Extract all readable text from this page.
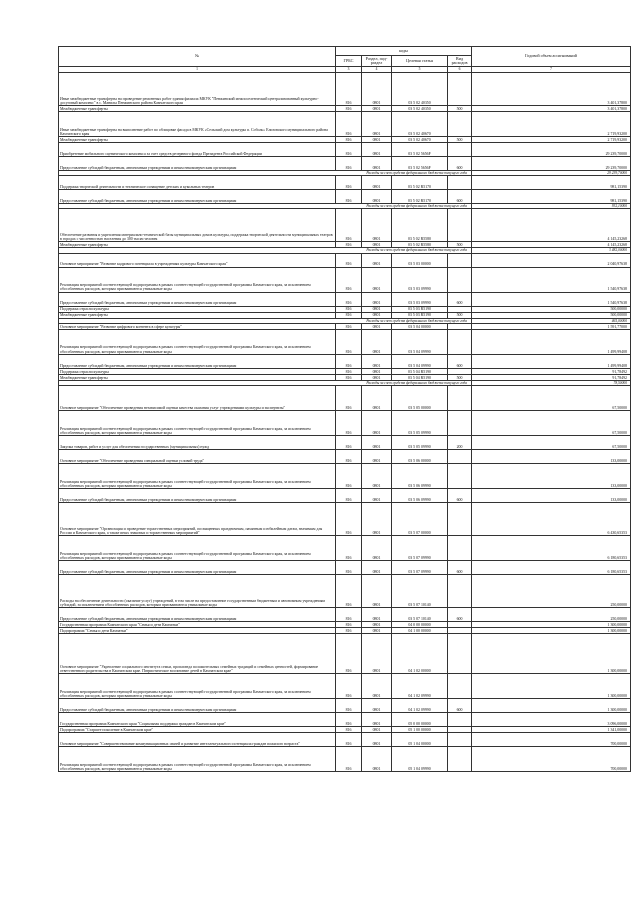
№	коды				Годовой объем ассигнований
	ГРБС	Раздел, под- раздел	Целевая статья	Вид расходов	
1	3	4	5	6	7
Иные межбюджетные трансферты на проведение ремонтных работ здания филиала МКУК "Пенжинский межпоселенческий централизованный культурно-досуговый комплекс" в с. Манилы Пенжинского района Камчатского края	816	0801	03 5 02 40350		3 401,37800
Межбюджетные трансферты	816	0801	03 5 02 40350	500	3 401,37800
Иные межбюджетные трансферты на выполнение работ по облицовке фасада в МКУК «Сельский дом культуры п. Соболь» Елизовского муниципального района Камчатского края	816	0801	03 5 02 40670		2 719,93200
Межбюджетные трансферты	816	0801	03 5 02 40670	500	2 719,93200
Приобретение мобильного сценического комплекса за счет средств резервного фонда Президента Российской Федерации	816	0801	03 5 02 5656F		29 239,70000
Предоставление субсидий бюджетным, автономным учреждениям и иным некоммерческим организациям	816	0801	03 5 02 5656F	600	29 239,70000
Расходы за счет средств федерального бюджета текущего года					29 239,70000
Поддержка творческой деятельности и техническое оснащение детских и кукольных театров	816	0801	03 5 02 R5170		981,15390
Предоставление субсидий бюджетным, автономным учреждениям и иным некоммерческим организациям	816	0801	03 5 02 R5170	600	981,15390
Расходы за счет средств федерального бюджета текущего года					932,10000
Обеспечение развития и укрепления материально-технической базы муниципальных домов культуры, поддержка творческой деятельности муниципальных театров в городах с численностью населения до 300 тысяч человек	816	0801	03 5 02 R5580		4 145,23268
Межбюджетные трансферты	816	0801	03 5 02 R5580	500	4 145,23268
Расходы за счет средств федерального бюджета текущего года					3 482,00000
Основное мероприятие "Развитие кадрового потенциала в учреждениях культуры Камчатского края"	816	0801	03 5 03 00000		2 040,97638
Реализация мероприятий соответствующей подпрограммы в рамках соответствующей государственной программы Камчатского края, за исключением обособленных расходов, которым присваиваются уникальные коды	816	0801	03 5 03 09990		1 540,97638
Предоставление субсидий бюджетным, автономным учреждениям и иным некоммерческим организациям	816	0801	03 5 03 09990	600	1 540,97638
Поддержка отрасли культуры	816	0801	03 5 03 R5190		500,00000
Межбюджетные трансферты	816	0801	03 5 03 R5190	500	500,00000
Расходы за счет средств федерального бюджета текущего года					465,00000
Основное мероприятие "Развитие цифрового контента в сфере культуры"	816	0801	03 5 04 00000		1 591,77000
Реализация мероприятий соответствующей подпрограммы в рамках соответствующей государственной программы Камчатского края, за исключением обособленных расходов, которым присваиваются уникальные коды	816	0801	03 5 04 09990		1 499,99408
Предоставление субсидий бюджетным, автономным учреждениям и иным некоммерческим организациям	816	0801	03 5 04 09990	600	1 499,99408
Поддержка отрасли культуры	816	0801	03 5 04 R5190		91,78492
Межбюджетные трансферты	816	0801	03 5 04 R5190	500	91,78492
Расходы за счет средств федерального бюджета текущего года					78,50000
Основное мероприятие "Обеспечение проведения независимой оценки качества оказания услуг учреждениями культуры и экспертизы"	816	0801	03 5 05 00000		67,50000
Реализация мероприятий соответствующей подпрограммы в рамках соответствующей государственной программы Камчатского края, за исключением обособленных расходов, которым присваиваются уникальные коды	816	0801	03 5 05 09990		67,50000
Закупка товаров, работ и услуг для обеспечения государственных (муниципальных) нужд	816	0801	03 5 05 09990	200	67,50000
Основное мероприятие "Обеспечение проведения специальной оценки условий труда"	816	0801	03 5 06 00000		133,00000
Реализация мероприятий соответствующей подпрограммы в рамках соответствующей государственной программы Камчатского края, за исключением обособленных расходов, которым присваиваются уникальные коды	816	0801	03 5 06 09990		133,00000
Предоставление субсидий бюджетным, автономным учреждениям и иным некоммерческим организациям	816	0801	03 5 06 09990	600	133,00000
Основное мероприятие "Организация и проведение торжественных мероприятий, посвященных праздничным, памятным и юбилейным датам, значимым для России и Камчатского края, а также иных знаковых и торжественных мероприятий"	816	0801	03 5 07 00000		6 430,65353
Реализация мероприятий соответствующей подпрограммы в рамках соответствующей государственной программы Камчатского края, за исключением обособленных расходов, которым присваиваются уникальные коды	816	0801	03 5 07 09990		6 180,65353
Предоставление субсидий бюджетным, автономным учреждениям и иным некоммерческим организациям	816	0801	03 5 07 09990	600	6 180,65353
Расходы на обеспечение деятельности (оказание услуг) учреждений, в том числе на предоставление государственным бюджетным и автономным учреждениям субсидий, за исключением обособленных расходов, которым присваиваются уникальные коды	816	0801	03 5 07 10140		250,00000
Предоставление субсидий бюджетным, автономным учреждениям и иным некоммерческим организациям	816	0801	03 5 07 10140	600	250,00000
Государственная программа Камчатского края "Семья и дети Камчатки"	816	0801	04 0 00 00000		1 300,00000
Подпрограмма "Семья и дети Камчатки"	816	0801	04 1 00 00000		1 300,00000
Основное мероприятие "Укрепление социального института семьи, пропаганда положительных семейных традиций и семейных ценностей, формирование ответственного родительства в Камчатском крае. Патриотическое воспитание детей в Камчатском крае"	816	0801	04 1 02 00000		1 300,00000
Реализация мероприятий соответствующей подпрограммы в рамках соответствующей государственной программы Камчатского края, за исключением обособленных расходов, которым присваиваются уникальные коды	816	0801	04 1 02 09990		1 300,00000
Предоставление субсидий бюджетным, автономным учреждениям и иным некоммерческим организациям	816	0801	04 1 02 09990	600	1 300,00000
Государственная программа Камчатского края "Социальная поддержка граждан в Камчатском крае"	816	0801	05 0 00 00000		3 096,00000
Подпрограмма "Старшее поколение в Камчатском крае"	816	0801	05 1 00 00000		1 341,00000
Основное мероприятие "Совершенствование коммуникационных связей и развитие интеллектуального потенциала граждан пожилого возраста"	816	0801	05 1 04 00000		700,00000
Реализация мероприятий соответствующей подпрограммы в рамках соответствующей государственной программы Камчатского края, за исключением обособленных расходов, которым присваиваются уникальные коды	816	0801	05 1 04 09990		700,00000
